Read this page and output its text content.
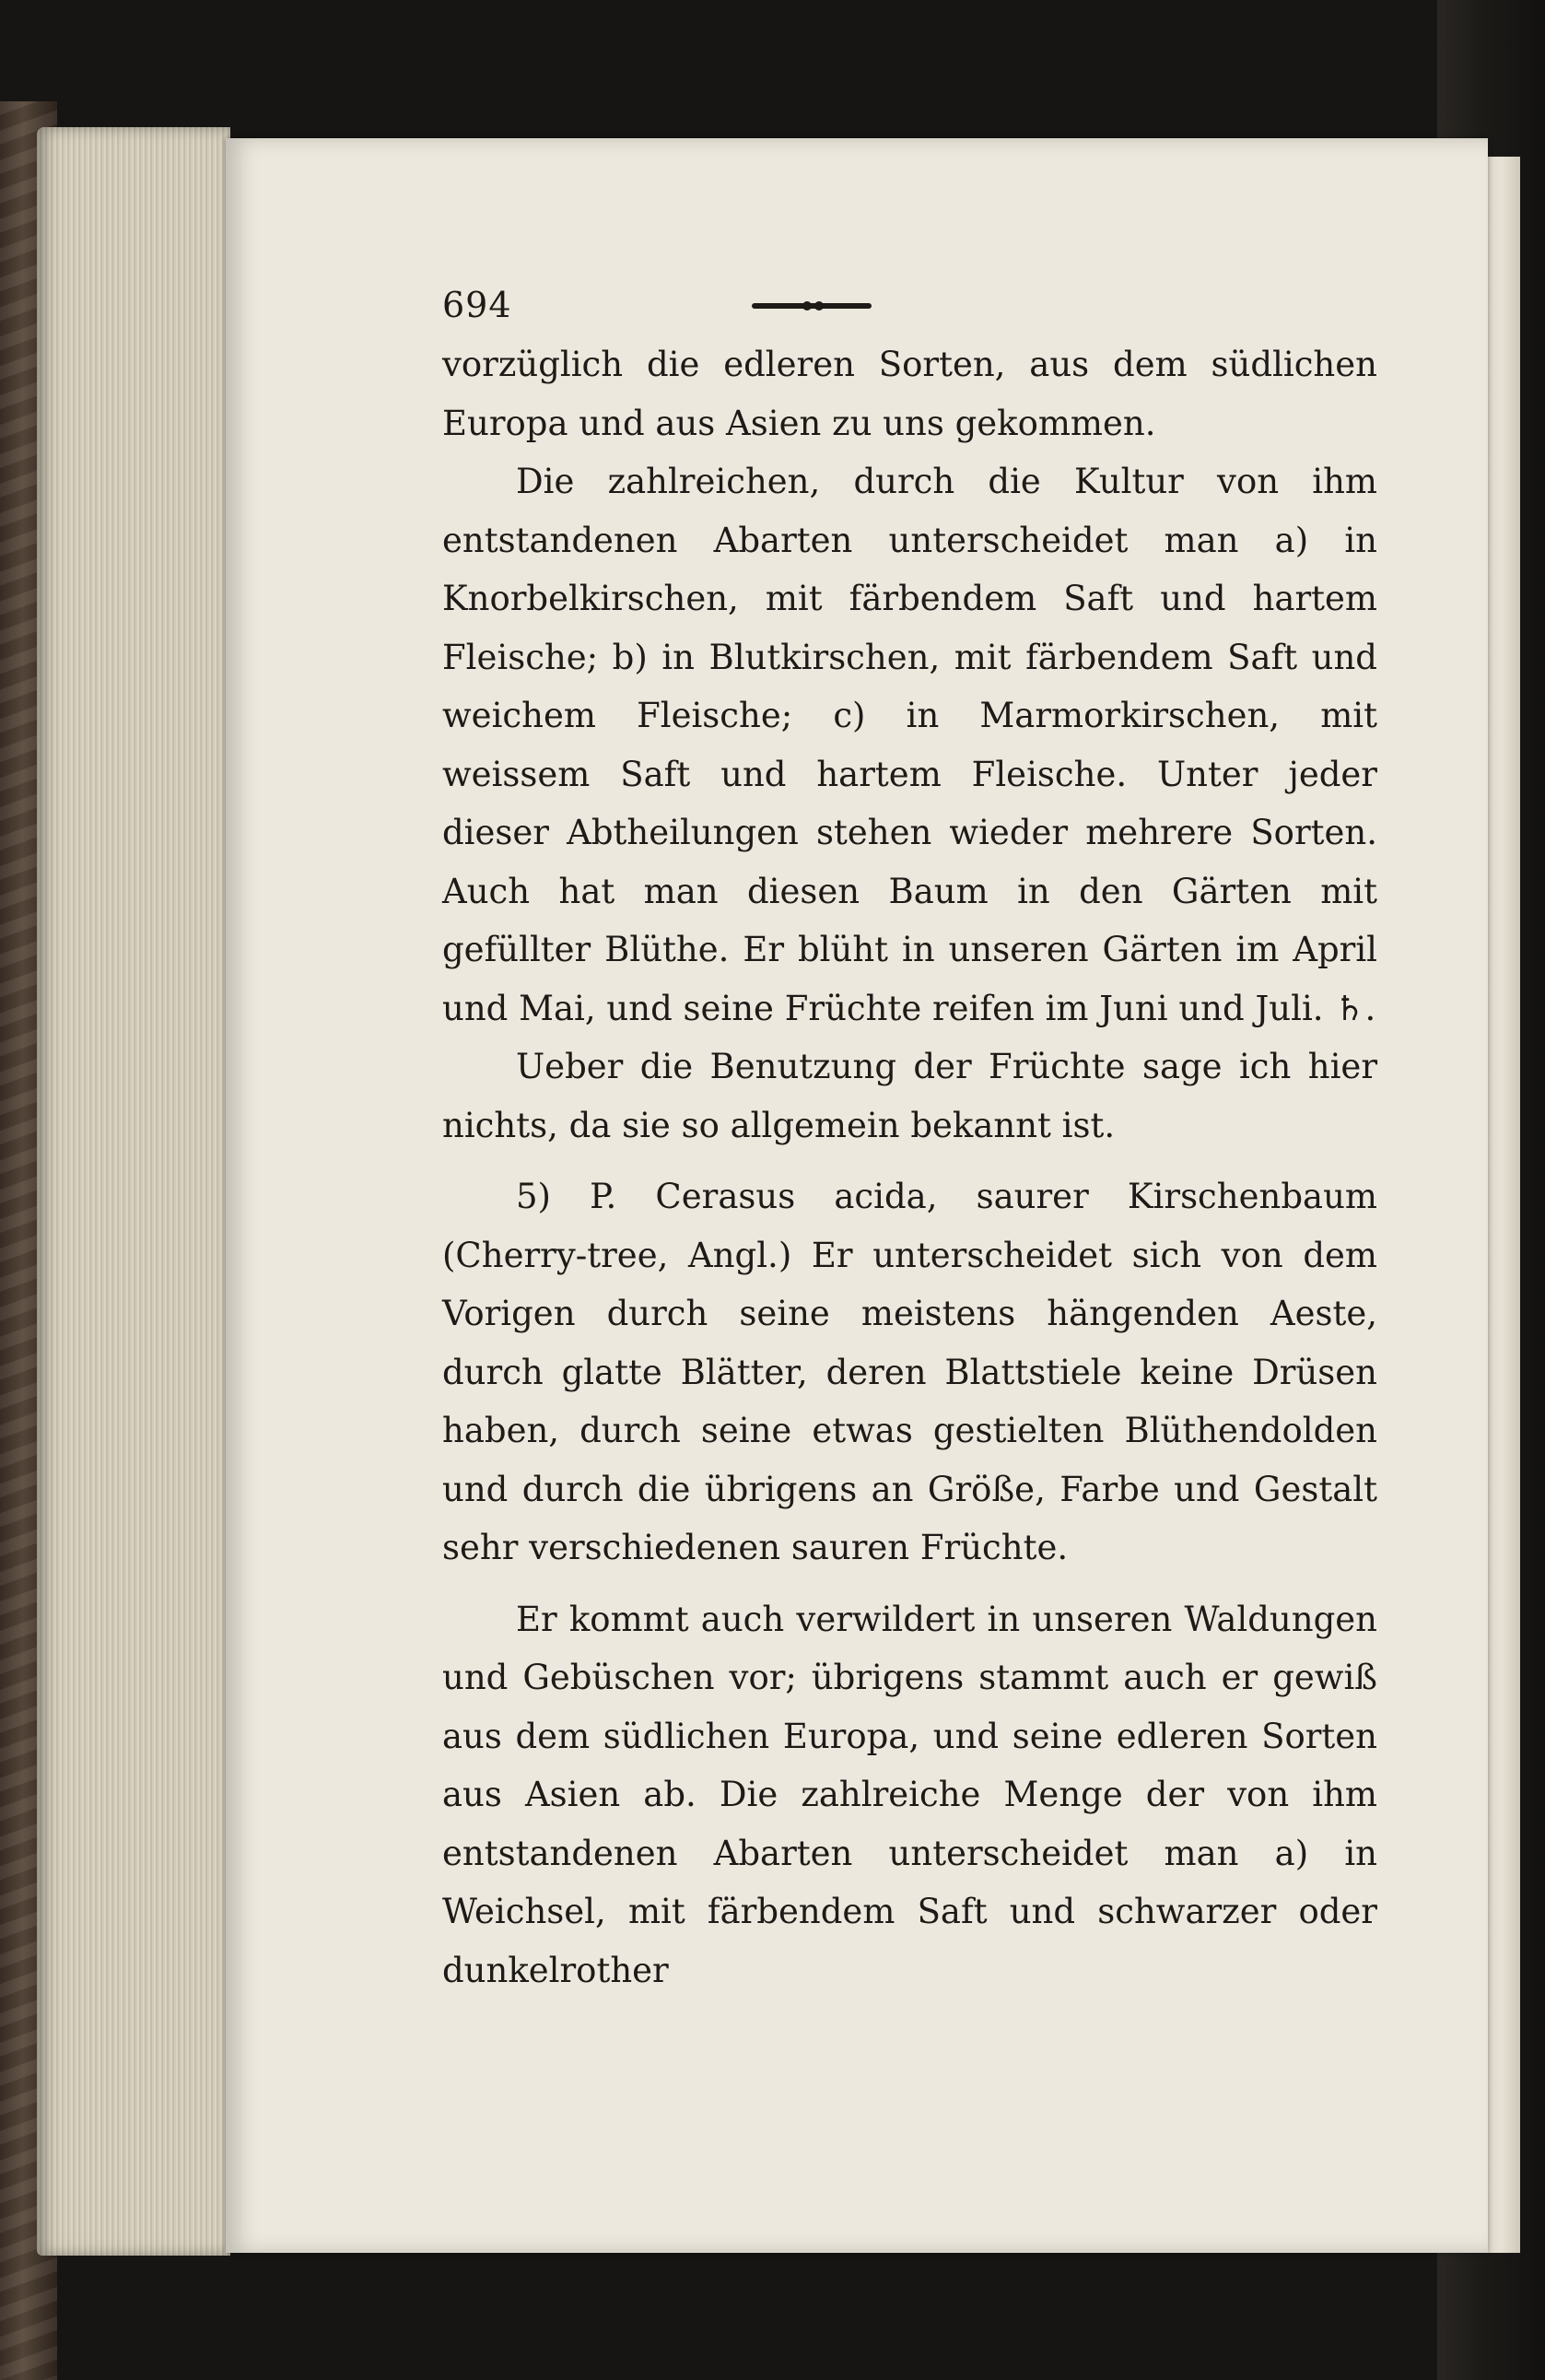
694

vorzüglich die edleren Sorten, aus dem südlichen Europa und aus Asien zu uns gekommen.

Die zahlreichen, durch die Kultur von ihm entstandenen Abarten unterscheidet man a) in Knorbelkirschen, mit färbendem Saft und hartem Fleische; b) in Blutkirschen, mit färbendem Saft und weichem Fleische; c) in Marmorkirschen, mit weissem Saft und hartem Fleische. Unter jeder dieser Abtheilungen stehen wieder mehrere Sorten. Auch hat man diesen Baum in den Gärten mit gefüllter Blüthe. Er blüht in unseren Gärten im April und Mai, und seine Früchte reifen im Juni und Juli. ♄.

Ueber die Benutzung der Früchte sage ich hier nichts, da sie so allgemein bekannt ist.

5) P. Cerasus acida, saurer Kirschenbaum (Cherry-tree, Angl.) Er unterscheidet sich von dem Vorigen durch seine meistens hängenden Aeste, durch glatte Blätter, deren Blattstiele keine Drüsen haben, durch seine etwas gestielten Blüthendolden und durch die übrigens an Größe, Farbe und Gestalt sehr verschiedenen sauren Früchte.

Er kommt auch verwildert in unseren Waldungen und Gebüschen vor; übrigens stammt auch er gewiß aus dem südlichen Europa, und seine edleren Sorten aus Asien ab. Die zahlreiche Menge der von ihm entstandenen Abarten unterscheidet man a) in Weichsel, mit färbendem Saft und schwarzer oder dunkelrother
